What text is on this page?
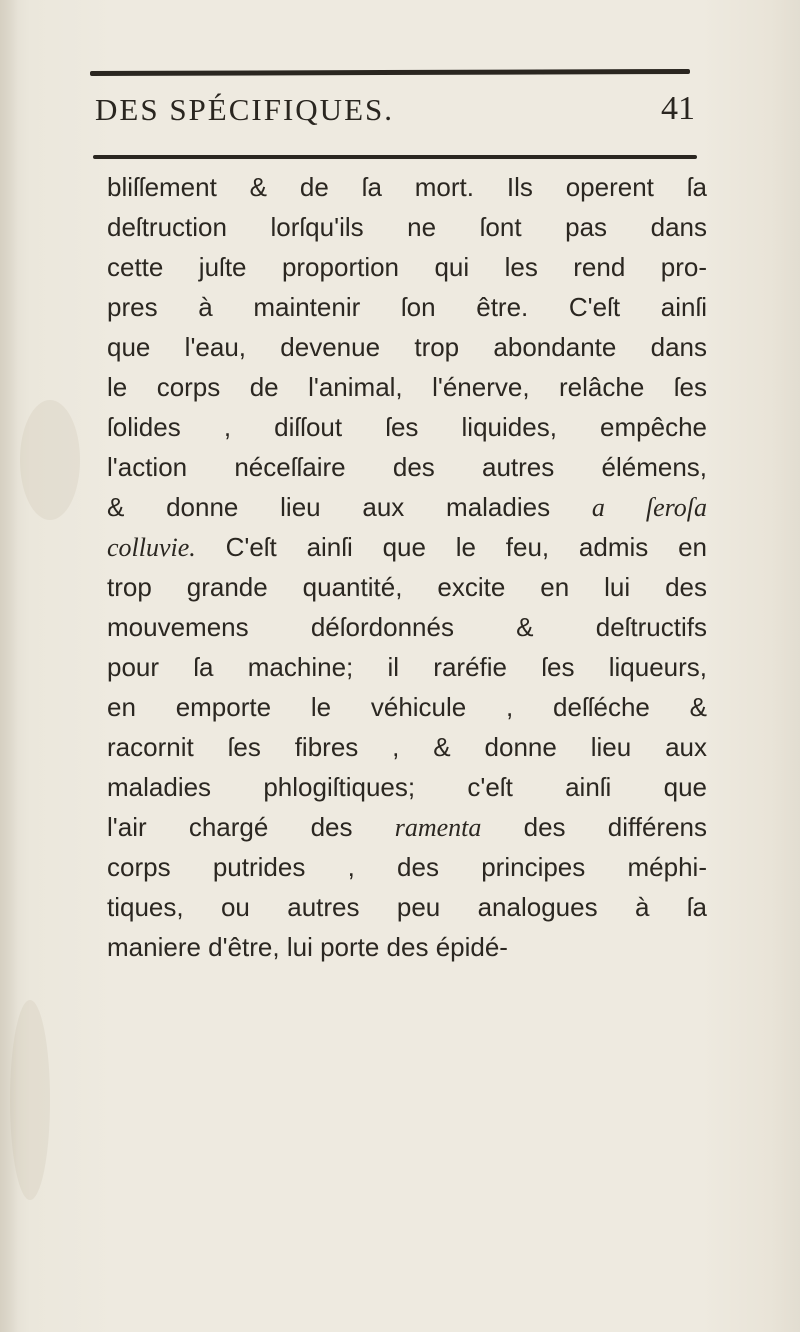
DES SPÉCIFIQUES.	41
bliſſement & de ſa mort. Ils operent ſa
deſtruction lorſqu'ils ne ſont pas dans
cette juſte proportion qui les rend pro-
pres à maintenir ſon être. C'eſt ainſi
que l'eau, devenue trop abondante dans
le corps de l'animal, l'énerve, relâche ſes
ſolides , diſſout ſes liquides, empêche
l'action néceſſaire des autres élémens,
& donne lieu aux maladies a ſeroſa
colluvie. C'eſt ainſi que le feu, admis en
trop grande quantité, excite en lui des
mouvemens déſordonnés & deſtructifs
pour ſa machine; il raréfie ſes liqueurs,
en emporte le véhicule , deſſéche &
racornit ſes fibres , & donne lieu aux
maladies phlogiſtiques; c'eſt ainſi que
l'air chargé des ramenta des différens
corps putrides , des principes méphi-
tiques, ou autres peu analogues à ſa
maniere d'être, lui porte des épidé-
